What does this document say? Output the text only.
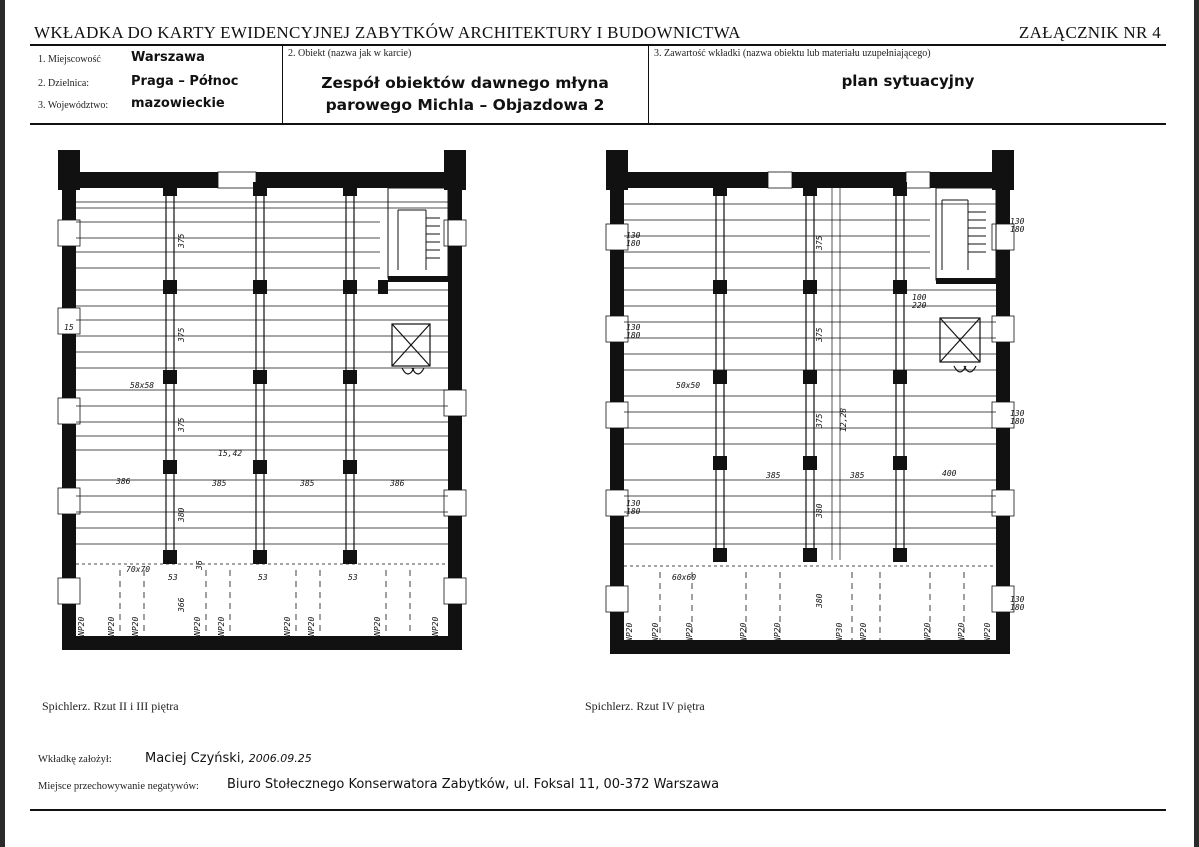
WKŁADKA DO KARTY EWIDENCYJNEJ ZABYTKÓW ARCHITEKTURY I BUDOWNICTWA	ZAŁĄCZNIK NR 4
1. Miejscowość Warszawa
2. Dzielnica:	Praga – Północ
3. Województwo: mazowieckie
2. Obiekt (nazwa jak w karcie)
Zespół obiektów dawnego młyna
parowego Michla – Objazdowa 2
3. Zawartość wkładki (nazwa obiektu lub materiału uzupełniającego)
plan sytuacyjny
375
375
375
58x58
15,42
386	385	385	386
380
36
70x70
53	53	53
366
15
NP20	NP20 NP20	NP20 NP20	NP20 NP20	NP20	NP20
Spichlerz. Rzut II i III piętra
130
180
130
180
130
180
130
180
130
180
130
180
375
375
375 12,28
50x50
385	385	400
380
380
60x60
100
220
NP20 NP20	NP20	NP20	NP20	NP30 NP20	NP20	NP20 NP20
Spichlerz. Rzut IV piętra
Wkładkę założył:	Maciej Czyński, 2006.09.25
Miejsce przechowywanie negatywów: Biuro Stołecznego Konserwatora Zabytków, ul. Foksal 11, 00-372 Warszawa
